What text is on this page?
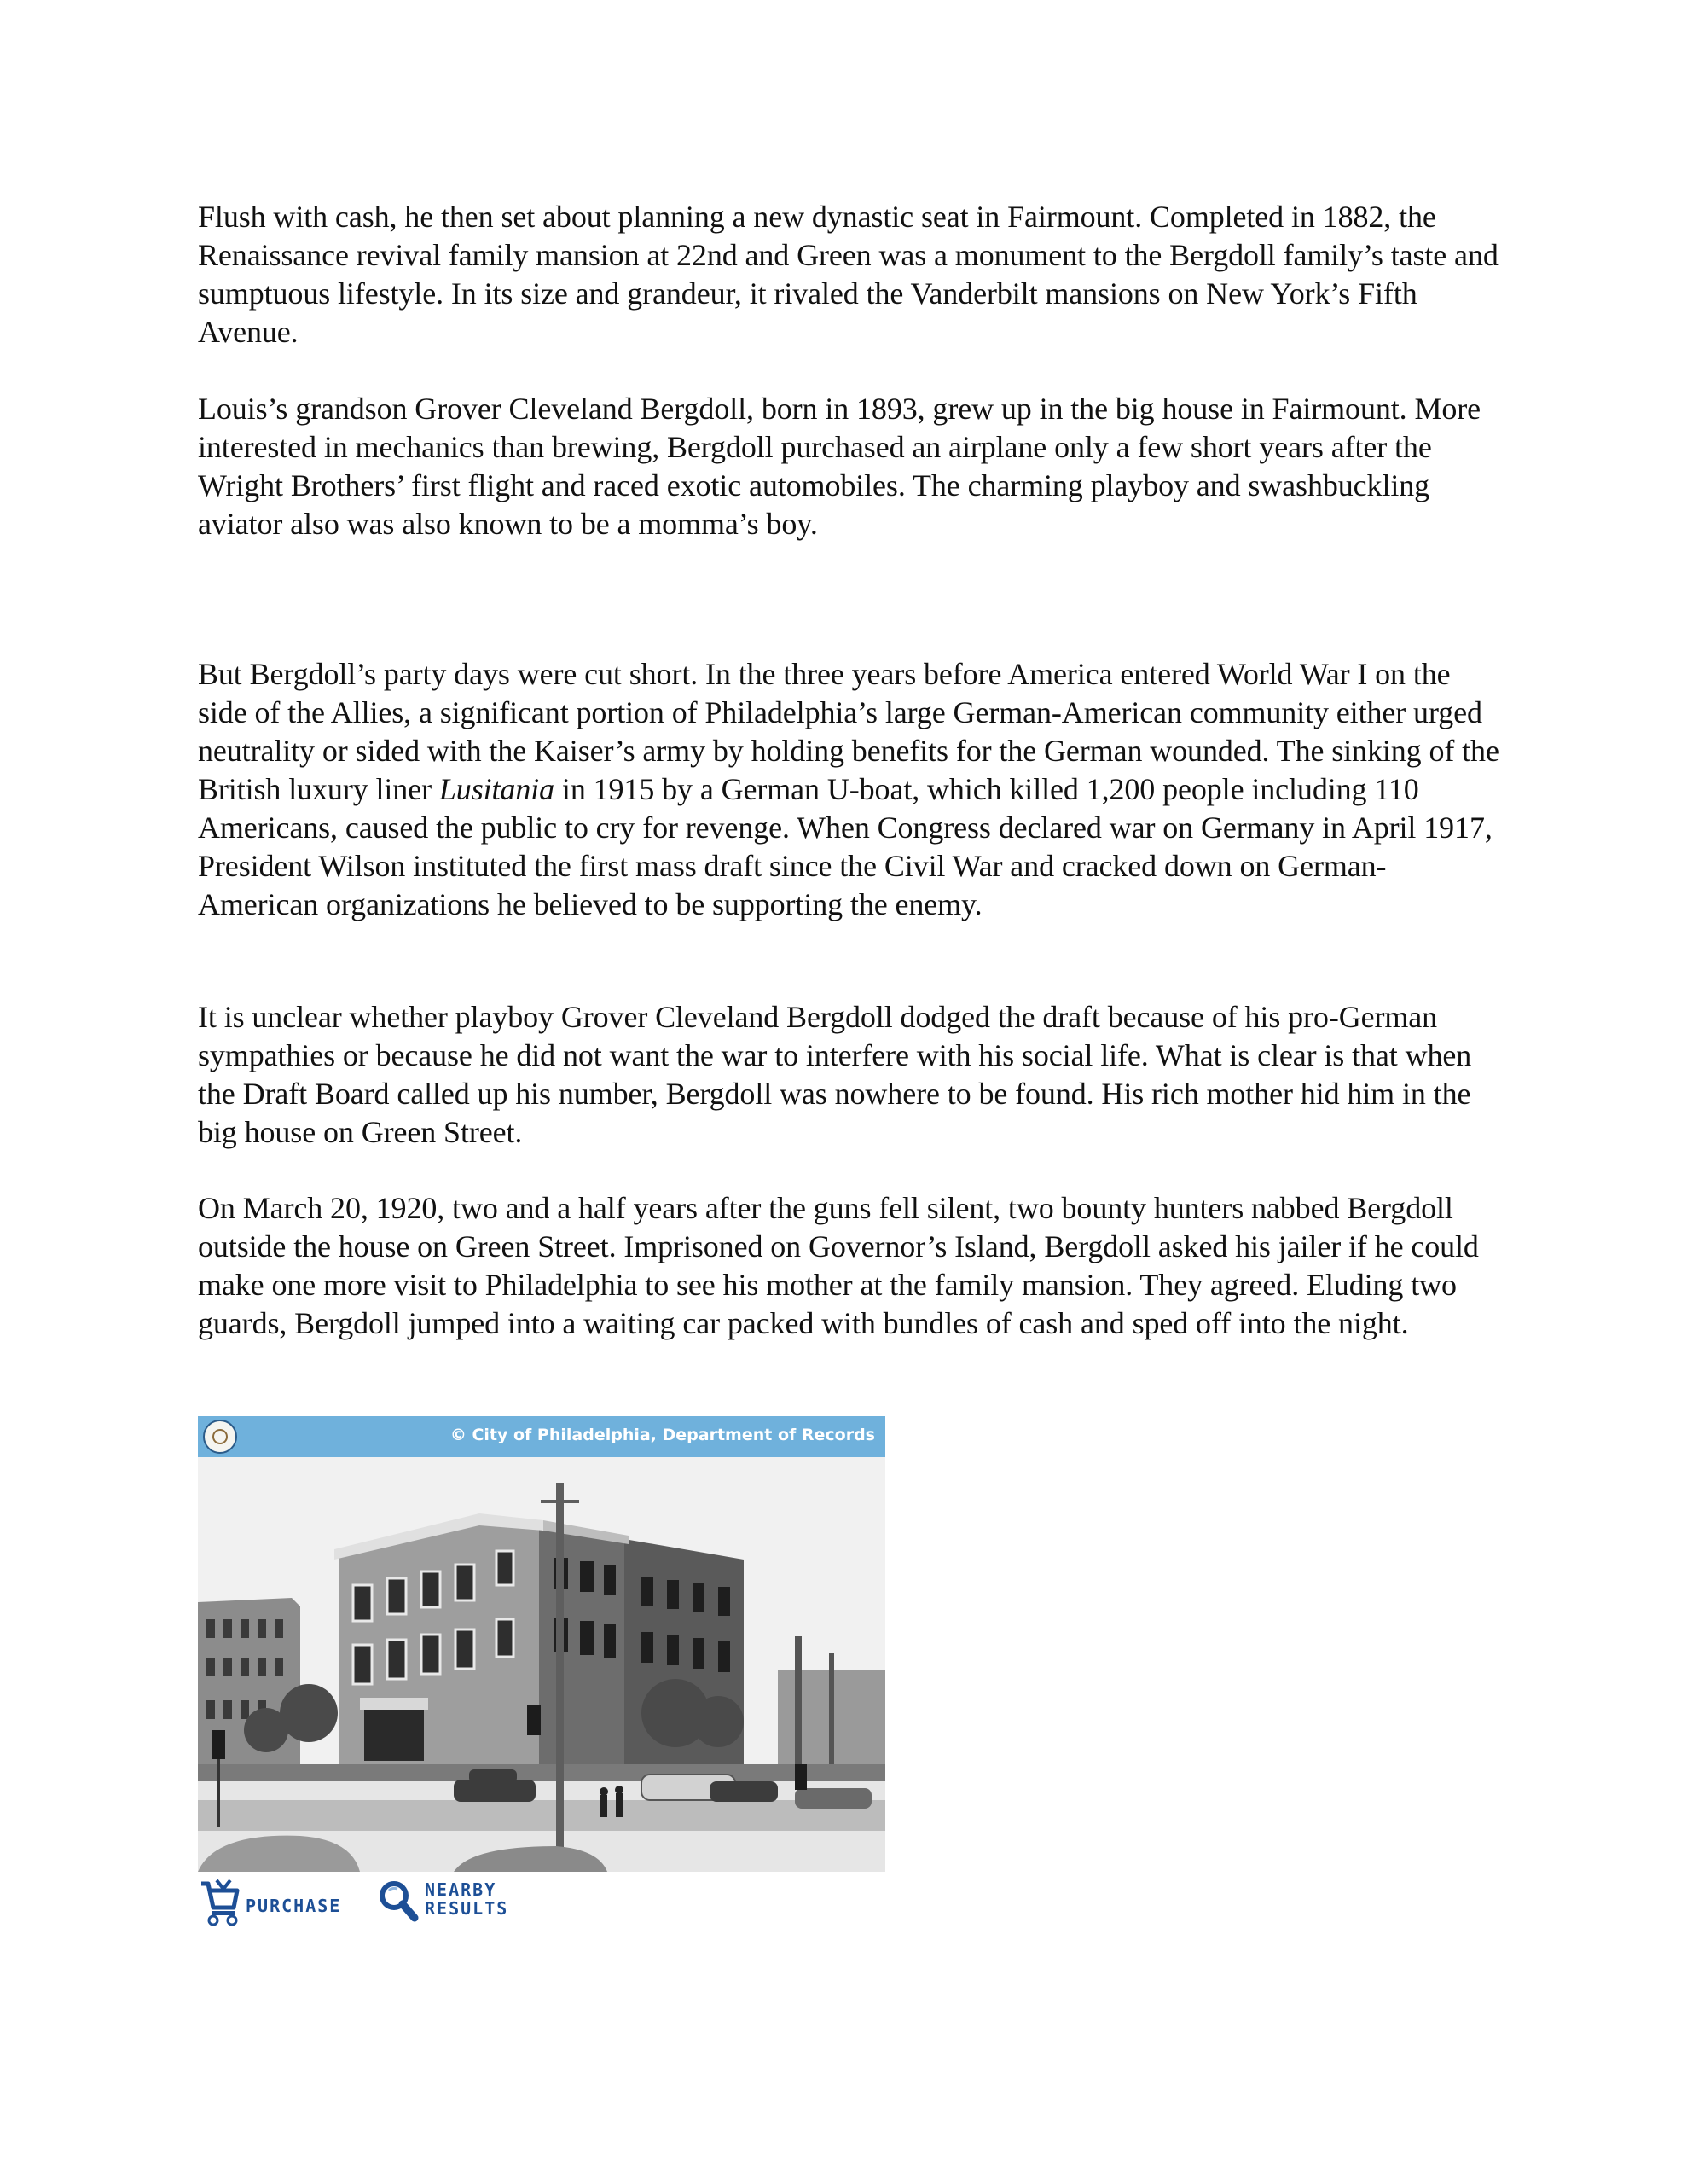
Flush with cash, he then set about planning a new dynastic seat in Fairmount. Completed in 1882, the Renaissance revival family mansion at 22nd and Green was a monument to the Bergdoll family’s taste and sumptuous lifestyle. In its size and grandeur, it rivaled the Vanderbilt mansions on New York’s Fifth Avenue.

Louis’s grandson Grover Cleveland Bergdoll, born in 1893, grew up in the big house in Fairmount. More interested in mechanics than brewing, Bergdoll purchased an airplane only a few short years after the Wright Brothers’ first flight and raced exotic automobiles. The charming playboy and swashbuckling aviator also was also known to be a momma’s boy.

But Bergdoll’s party days were cut short. In the three years before America entered World War I on the side of the Allies, a significant portion of Philadelphia’s large German-American community either urged neutrality or sided with the Kaiser’s army by holding benefits for the German wounded. The sinking of the British luxury liner Lusitania in 1915 by a German U-boat, which killed 1,200 people including 110 Americans, caused the public to cry for revenge. When Congress declared war on Germany in April 1917, President Wilson instituted the first mass draft since the Civil War and cracked down on German-American organizations he believed to be supporting the enemy.

It is unclear whether playboy Grover Cleveland Bergdoll dodged the draft because of his pro-German sympathies or because he did not want the war to interfere with his social life. What is clear is that when the Draft Board called up his number, Bergdoll was nowhere to be found. His rich mother hid him in the big house on Green Street.

On March 20, 1920, two and a half years after the guns fell silent, two bounty hunters nabbed Bergdoll outside the house on Green Street. Imprisoned on Governor’s Island, Bergdoll asked his jailer if he could make one more visit to Philadelphia to see his mother at the family mansion. They agreed. Eluding two guards, Bergdoll jumped into a waiting car packed with bundles of cash and sped off into the night.

© City of Philadelphia, Department of Records
PURCHASE
NEARBY
RESULTS
